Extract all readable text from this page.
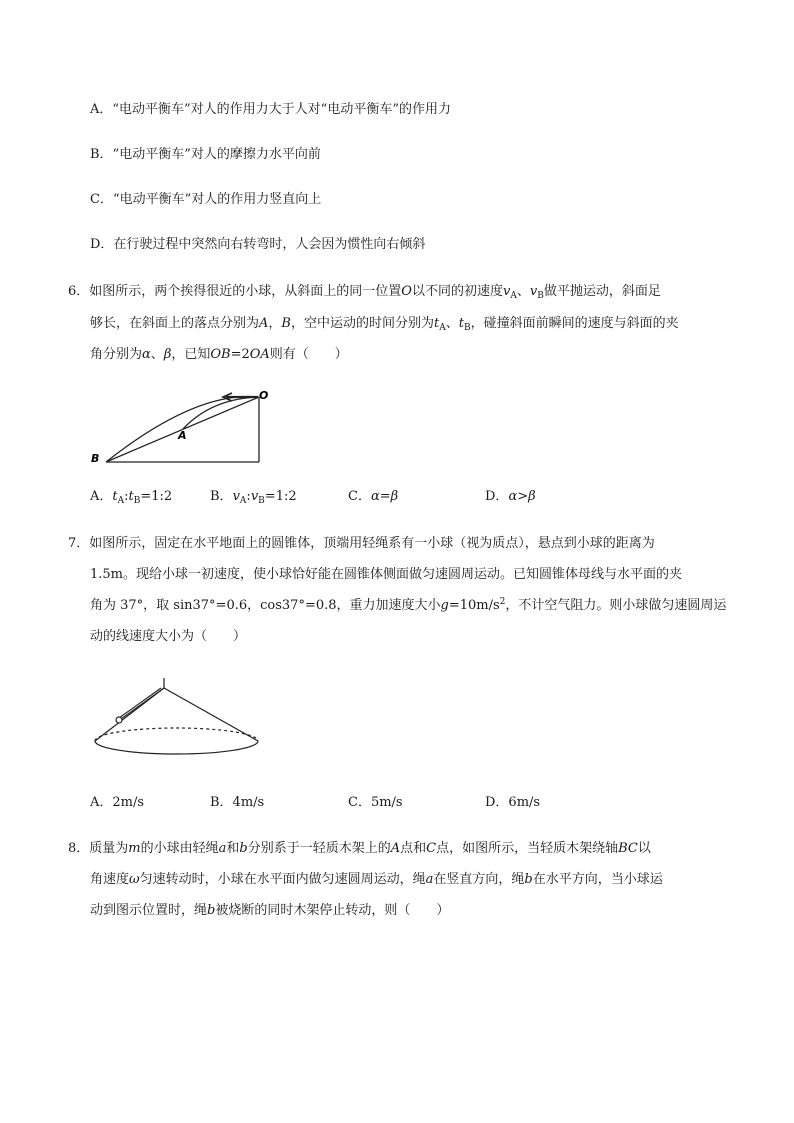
A．“电动平衡车”对人的作用力大于人对“电动平衡车”的作用力
B．“电动平衡车”对人的摩擦力水平向前
C．“电动平衡车”对人的作用力竖直向上
D．在行驶过程中突然向右转弯时，人会因为惯性向右倾斜
6．如图所示，两个挨得很近的小球，从斜面上的同一位置O以不同的初速度$v_A$、$v_B$做平抛运动，斜面足
够长，在斜面上的落点分别为A，B，空中运动的时间分别为$t_A$、$t_B$，碰撞斜面前瞬间的速度与斜面的夹
角分别为α、β，已知OB=2OA则有（　　）
O
A
B
A．$t_A:t_B=1:2$	B．$v_A:v_B=1:2$	C．α=β	D．α>β
7．如图所示，固定在水平地面上的圆锥体，顶端用轻绳系有一小球（视为质点），悬点到小球的距离为
1.5m。现给小球一初速度，使小球恰好能在圆锥体侧面做匀速圆周运动。已知圆锥体母线与水平面的夹
角为 37°，取 sin37°=0.6，cos37°=0.8，重力加速度大小$g=10m/s^2$，不计空气阻力。则小球做匀速圆周运
动的线速度大小为（　　）
A．2m/s	B．4m/s	C．5m/s	D．6m/s
8．质量为m的小球由轻绳a和b分别系于一轻质木架上的A点和C点，如图所示，当轻质木架绕轴BC以
角速度ω匀速转动时，小球在水平面内做匀速圆周运动，绳a在竖直方向，绳b在水平方向，当小球运
动到图示位置时，绳b被烧断的同时木架停止转动，则（　　）
